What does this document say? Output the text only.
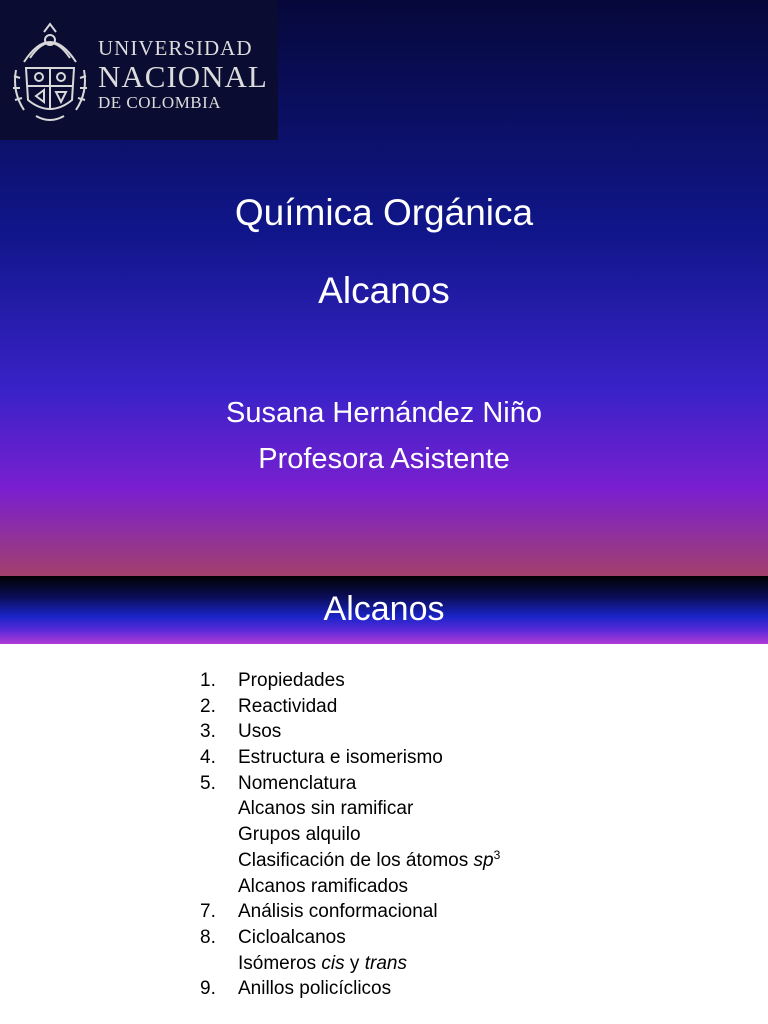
UNIVERSIDAD
NACIONAL
DE COLOMBIA
Química Orgánica
Alcanos
Susana Hernández Niño
Profesora Asistente
Alcanos
1. Propiedades
2. Reactividad
3. Usos
4. Estructura e isomerismo
5. Nomenclatura
Alcanos sin ramificar
Grupos alquilo
Clasificación de los átomos $sp^3$
Alcanos ramificados
7. Análisis conformacional
8. Cicloalcanos
Isómeros cis y trans
9. Anillos policíclicos
